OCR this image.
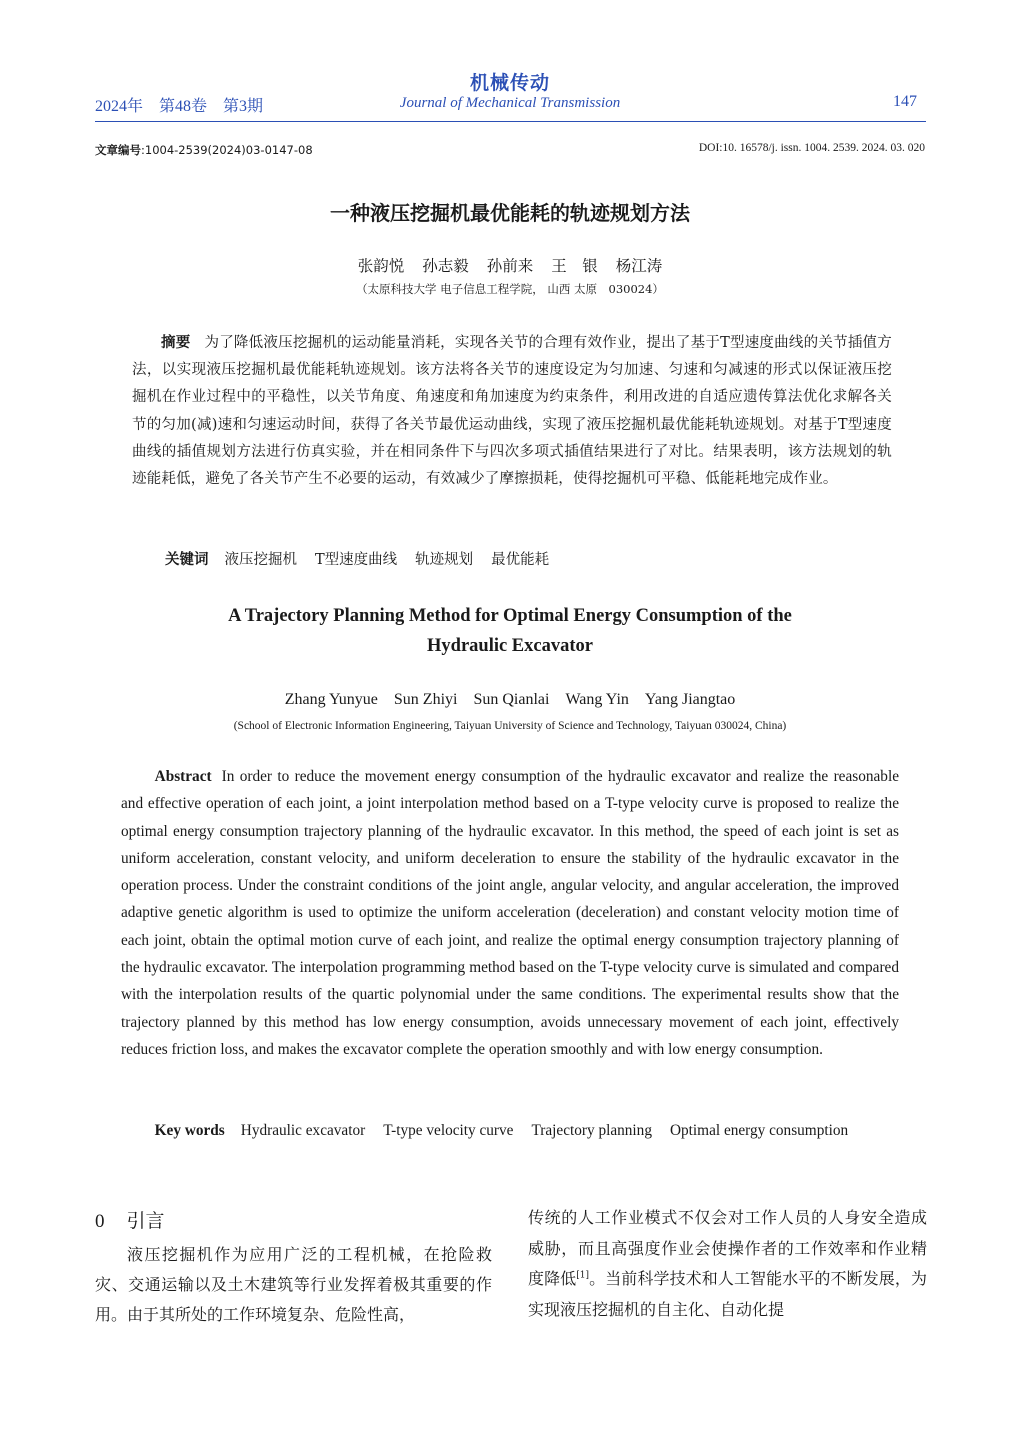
机械传动
2024年　第48卷　第3期	Journal of Mechanical Transmission	147
文章编号:1004-2539(2024)03-0147-08	DOI:10. 16578/j. issn. 1004. 2539. 2024. 03. 020
一种液压挖掘机最优能耗的轨迹规划方法
张韵悦 孙志毅 孙前来 王　银 杨江涛
（太原科技大学 电子信息工程学院， 山西 太原　030024）
摘要 为了降低液压挖掘机的运动能量消耗，实现各关节的合理有效作业，提出了基于T型速度曲线的关节插值方法，以实现液压挖掘机最优能耗轨迹规划。该方法将各关节的速度设定为匀加速、匀速和匀减速的形式以保证液压挖掘机在作业过程中的平稳性，以关节角度、角速度和角加速度为约束条件，利用改进的自适应遗传算法优化求解各关节的匀加(减)速和匀速运动时间，获得了各关节最优运动曲线，实现了液压挖掘机最优能耗轨迹规划。对基于T型速度曲线的插值规划方法进行仿真实验，并在相同条件下与四次多项式插值结果进行了对比。结果表明，该方法规划的轨迹能耗低，避免了各关节产生不必要的运动，有效减少了摩擦损耗，使得挖掘机可平稳、低能耗地完成作业。
关键词 液压挖掘机 T型速度曲线 轨迹规划 最优能耗
A Trajectory Planning Method for Optimal Energy Consumption of the
Hydraulic Excavator
Zhang Yunyue Sun Zhiyi Sun Qianlai Wang Yin Yang Jiangtao
(School of Electronic Information Engineering, Taiyuan University of Science and Technology, Taiyuan 030024, China)
Abstract In order to reduce the movement energy consumption of the hydraulic excavator and realize the reasonable and effective operation of each joint, a joint interpolation method based on a T-type velocity curve is proposed to realize the optimal energy consumption trajectory planning of the hydraulic excavator. In this method, the speed of each joint is set as uniform acceleration, constant velocity, and uniform deceleration to ensure the stability of the hydraulic excavator in the operation process. Under the constraint conditions of the joint angle, angular velocity, and angular acceleration, the improved adaptive genetic algorithm is used to optimize the uniform acceleration (deceleration) and constant velocity motion time of each joint, obtain the optimal motion curve of each joint, and realize the optimal energy consumption trajectory planning of the hydraulic excavator. The interpolation programming method based on the T-type velocity curve is simulated and compared with the interpolation results of the quartic polynomial under the same conditions. The experimental results show that the trajectory planned by this method has low energy consumption, avoids unnecessary movement of each joint, effectively reduces friction loss, and makes the excavator complete the operation smoothly and with low energy consumption.
Key words Hydraulic excavator T-type velocity curve Trajectory planning Optimal energy consumption
0 引言
液压挖掘机作为应用广泛的工程机械，在抢险救灾、交通运输以及土木建筑等行业发挥着极其重要的作用。由于其所处的工作环境复杂、危险性高，
传统的人工作业模式不仅会对工作人员的人身安全造成威胁，而且高强度作业会使操作者的工作效率和作业精度降低[1]。当前科学技术和人工智能水平的不断发展，为实现液压挖掘机的自主化、自动化提
